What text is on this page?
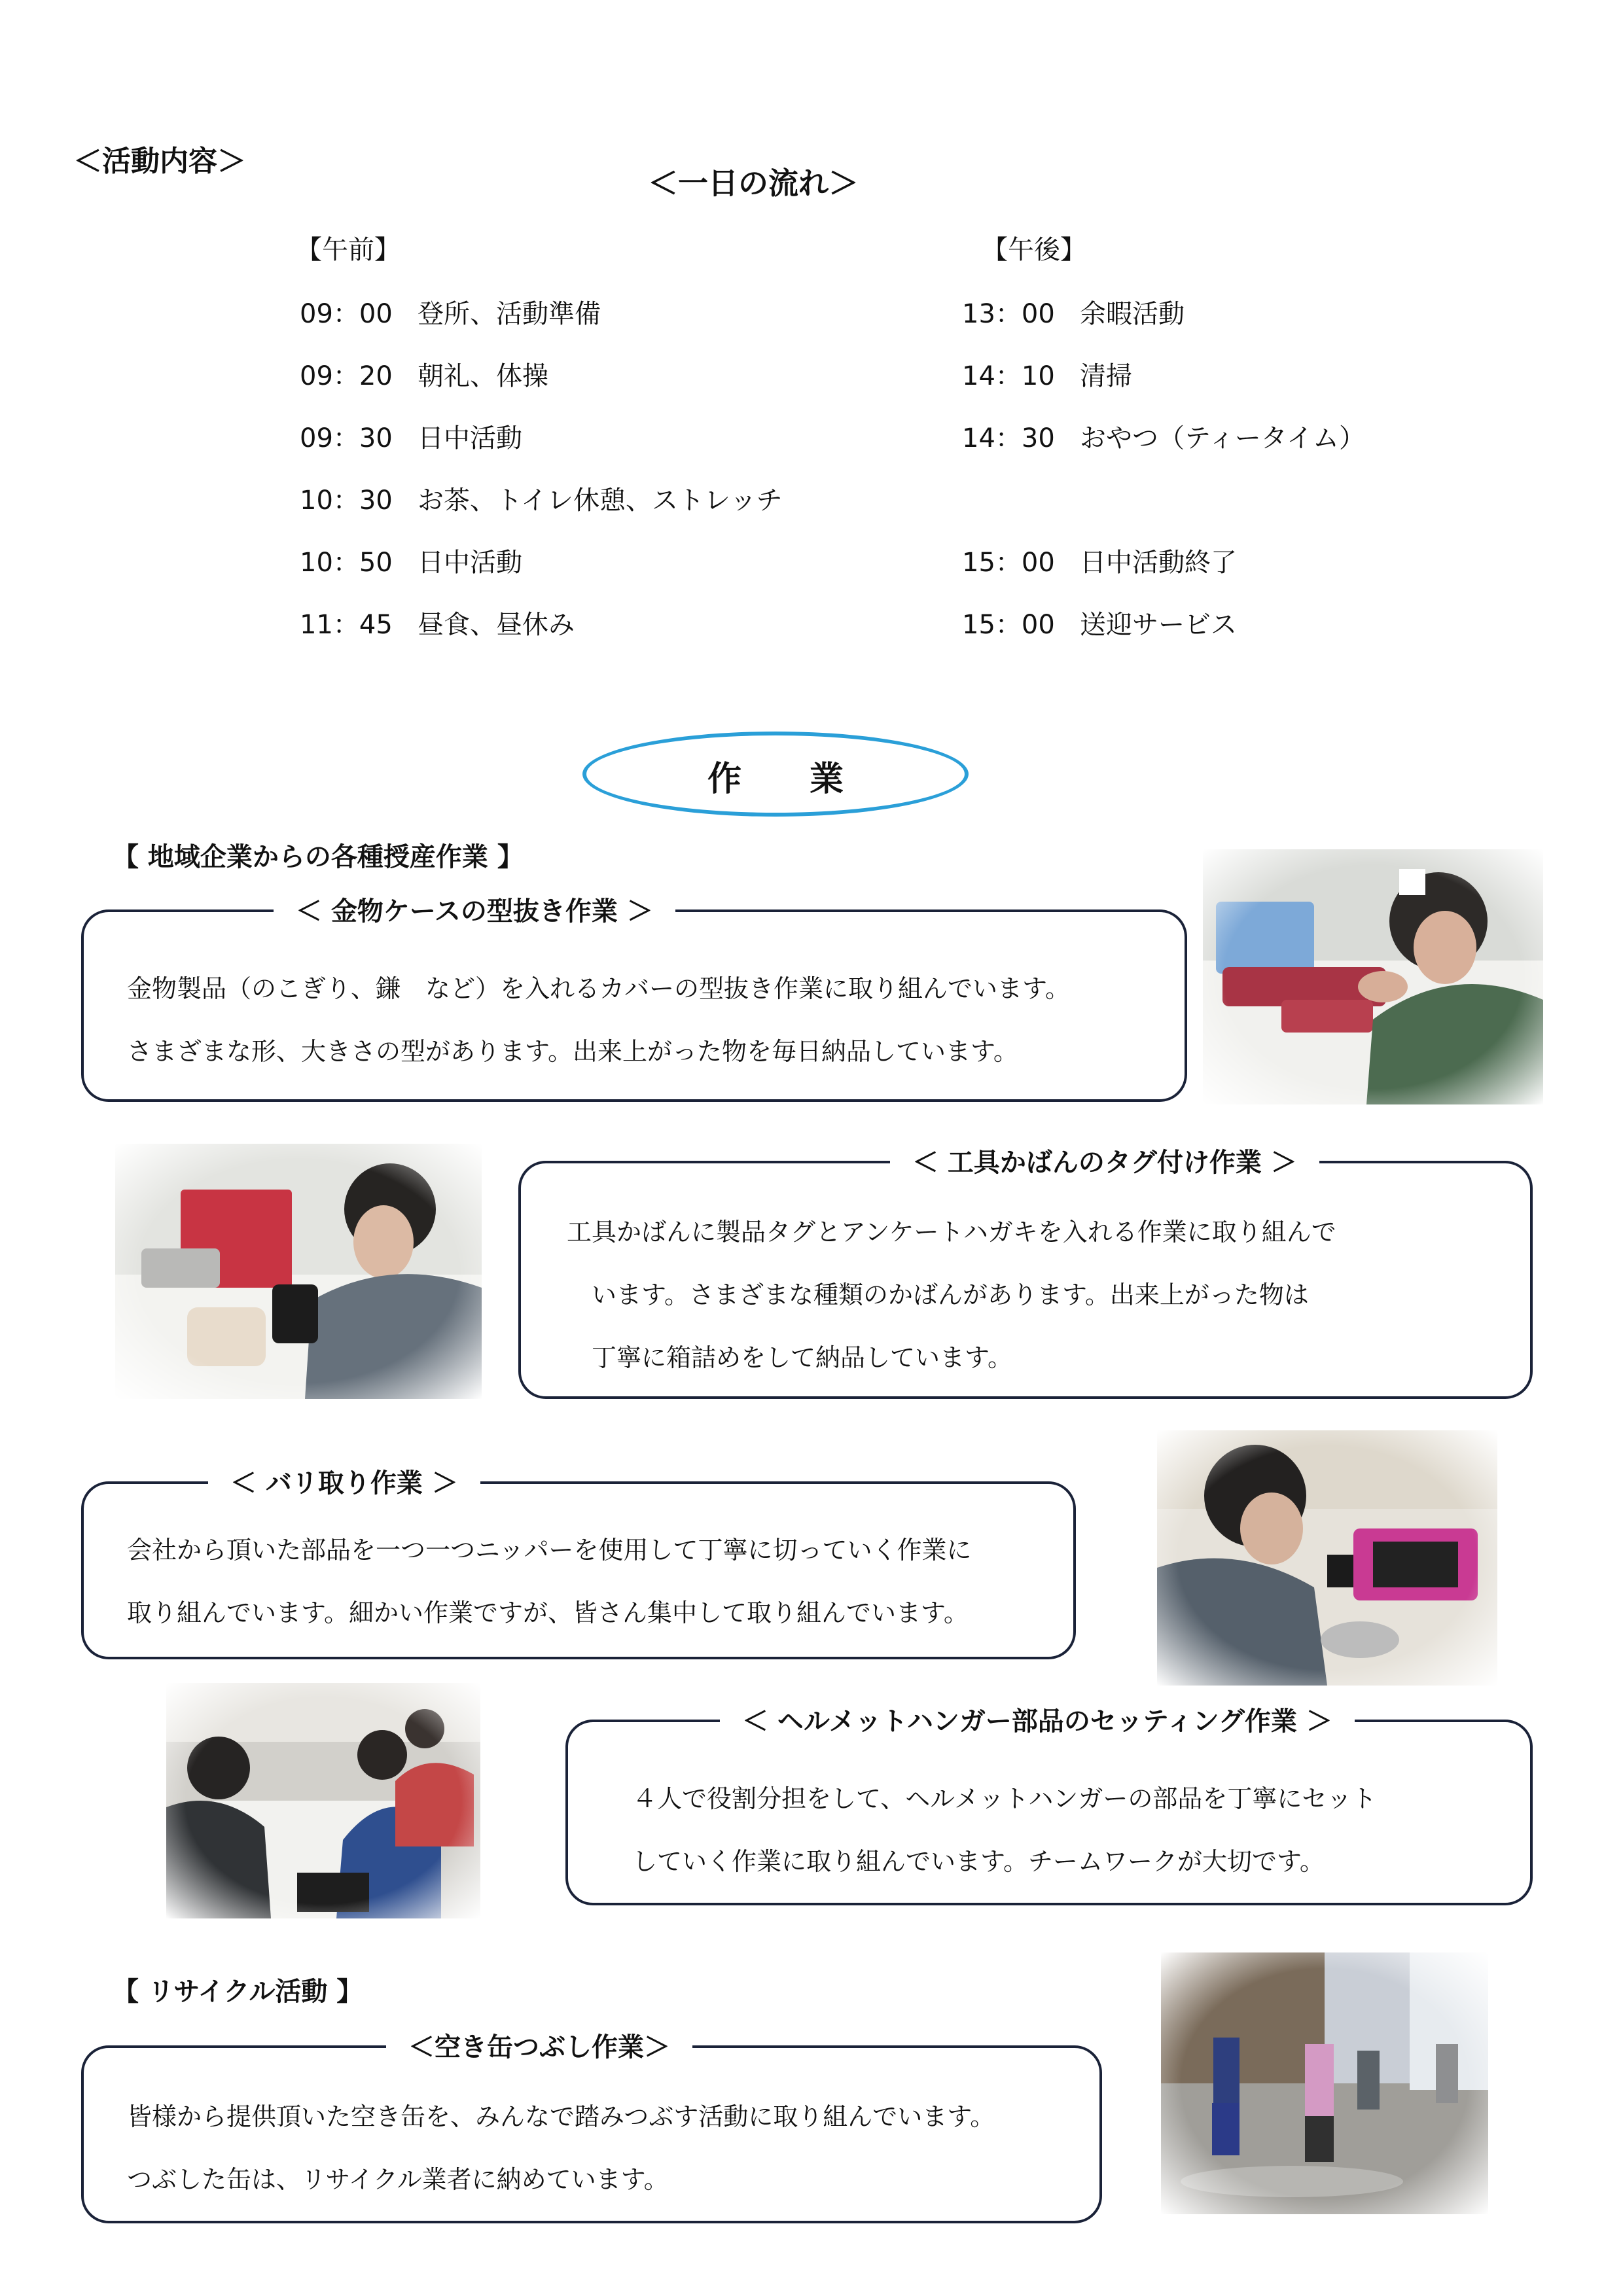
＜活動内容＞
＜一日の流れ＞
【午前】
09：00 登所、活動準備
09：20 朝礼、体操
09：30 日中活動
10：30 お茶、トイレ休憩、ストレッチ
10：50 日中活動
11：45 昼食、昼休み
【午後】
13：00 余暇活動
14：10 清掃
14：30 おやつ（ティータイム）
15：00 日中活動終了
15：00 送迎サービス
作　　業
【 地域企業からの各種授産作業 】
＜ 金物ケースの型抜き作業 ＞
金物製品（のこぎり、鎌　など）を入れるカバーの型抜き作業に取り組んでいます。
さまざまな形、大きさの型があります。出来上がった物を毎日納品しています。
＜ 工具かばんのタグ付け作業 ＞
工具かばんに製品タグとアンケートハガキを入れる作業に取り組んで
います。さまざまな種類のかばんがあります。出来上がった物は
丁寧に箱詰めをして納品しています。
＜ バリ取り作業 ＞
会社から頂いた部品を一つ一つニッパーを使用して丁寧に切っていく作業に
取り組んでいます。細かい作業ですが、皆さん集中して取り組んでいます。
＜ ヘルメットハンガー部品のセッティング作業 ＞
４人で役割分担をして、ヘルメットハンガーの部品を丁寧にセット
していく作業に取り組んでいます。チームワークが大切です。
【 リサイクル活動 】
＜空き缶つぶし作業＞
皆様から提供頂いた空き缶を、みんなで踏みつぶす活動に取り組んでいます。
つぶした缶は、リサイクル業者に納めています。
